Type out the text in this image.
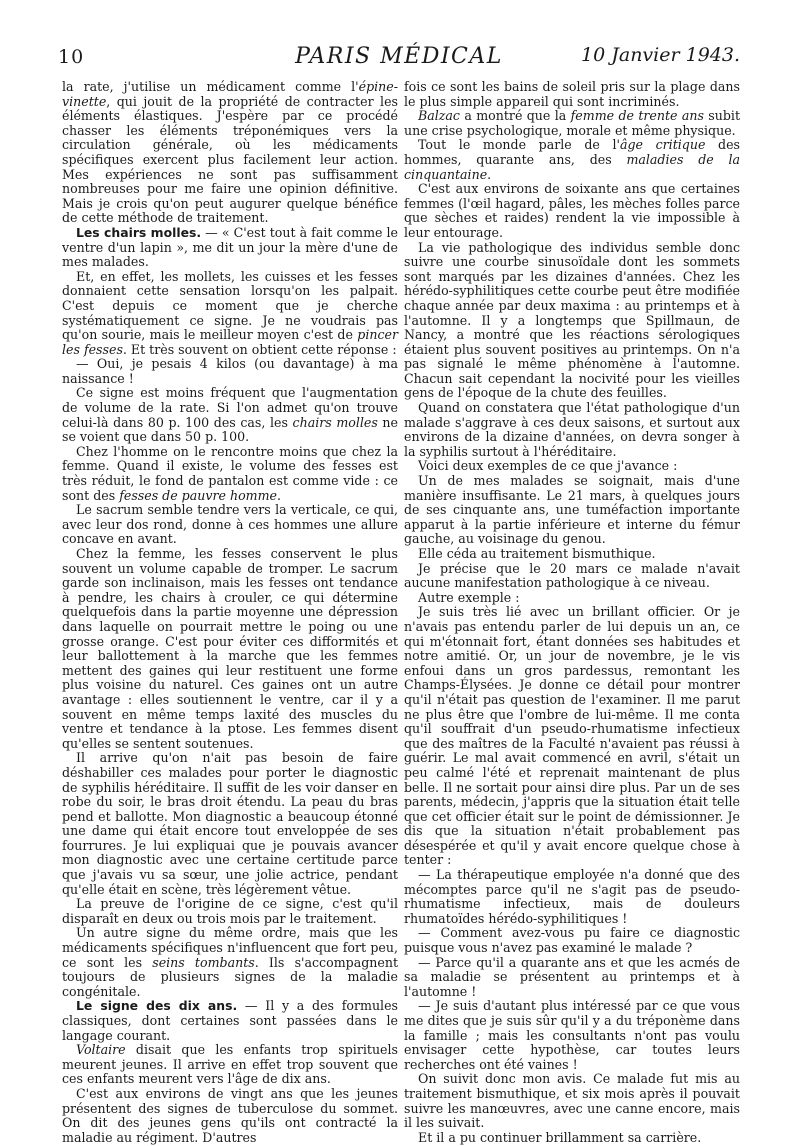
10	PARIS MÉDICAL	10 Janvier 1943.

la rate, j'utilise un médicament comme l'épine-vinette, qui jouit de la propriété de contracter les éléments élastiques. J'espère par ce procédé chasser les éléments tréponémiques vers la circulation générale, où les médicaments spécifiques exercent plus facilement leur action. Mes expériences ne sont pas suffisamment nombreuses pour me faire une opinion définitive. Mais je crois qu'on peut augurer quelque bénéfice de cette méthode de traitement.

Les chairs molles. — « C'est tout à fait comme le ventre d'un lapin », me dit un jour la mère d'une de mes malades.

Et, en effet, les mollets, les cuisses et les fesses donnaient cette sensation lorsqu'on les palpait. C'est depuis ce moment que je cherche systématiquement ce signe. Je ne voudrais pas qu'on sourie, mais le meilleur moyen c'est de pincer les fesses. Et très souvent on obtient cette réponse :

— Oui, je pesais 4 kilos (ou davantage) à ma naissance !

Ce signe est moins fréquent que l'augmentation de volume de la rate. Si l'on admet qu'on trouve celui-là dans 80 p. 100 des cas, les chairs molles ne se voient que dans 50 p. 100.

Chez l'homme on le rencontre moins que chez la femme. Quand il existe, le volume des fesses est très réduit, le fond de pantalon est comme vide : ce sont des fesses de pauvre homme.

Le sacrum semble tendre vers la verticale, ce qui, avec leur dos rond, donne à ces hommes une allure concave en avant.

Chez la femme, les fesses conservent le plus souvent un volume capable de tromper. Le sacrum garde son inclinaison, mais les fesses ont tendance à pendre, les chairs à crouler, ce qui détermine quelquefois dans la partie moyenne une dépression dans laquelle on pourrait mettre le poing ou une grosse orange. C'est pour éviter ces difformités et leur ballottement à la marche que les femmes mettent des gaines qui leur restituent une forme plus voisine du naturel. Ces gaines ont un autre avantage : elles soutiennent le ventre, car il y a souvent en même temps laxité des muscles du ventre et tendance à la ptose. Les femmes disent qu'elles se sentent soutenues.

Il arrive qu'on n'ait pas besoin de faire déshabiller ces malades pour porter le diagnostic de syphilis héréditaire. Il suffit de les voir danser en robe du soir, le bras droit étendu. La peau du bras pend et ballotte. Mon diagnostic a beaucoup étonné une dame qui était encore tout enveloppée de ses fourrures. Je lui expliquai que je pouvais avancer mon diagnostic avec une certaine certitude parce que j'avais vu sa sœur, une jolie actrice, pendant qu'elle était en scène, très légèrement vêtue.

La preuve de l'origine de ce signe, c'est qu'il disparaît en deux ou trois mois par le traitement.

Un autre signe du même ordre, mais que les médicaments spécifiques n'influencent que fort peu, ce sont les seins tombants. Ils s'accompagnent toujours de plusieurs signes de la maladie congénitale.

Le signe des dix ans. — Il y a des formules classiques, dont certaines sont passées dans le langage courant.

Voltaire disait que les enfants trop spirituels meurent jeunes. Il arrive en effet trop souvent que ces enfants meurent vers l'âge de dix ans.

C'est aux environs de vingt ans que les jeunes présentent des signes de tuberculose du sommet. On dit des jeunes gens qu'ils ont contracté la maladie au régiment. D'autres

fois ce sont les bains de soleil pris sur la plage dans le plus simple appareil qui sont incriminés.

Balzac a montré que la femme de trente ans subit une crise psychologique, morale et même physique.

Tout le monde parle de l'âge critique des hommes, quarante ans, des maladies de la cinquantaine.

C'est aux environs de soixante ans que certaines femmes (l'œil hagard, pâles, les mèches folles parce que sèches et raides) rendent la vie impossible à leur entourage.

La vie pathologique des individus semble donc suivre une courbe sinusoïdale dont les sommets sont marqués par les dizaines d'années. Chez les hérédo-syphilitiques cette courbe peut être modifiée chaque année par deux maxima : au printemps et à l'automne. Il y a longtemps que Spillmaun, de Nancy, a montré que les réactions sérologiques étaient plus souvent positives au printemps. On n'a pas signalé le même phénomène à l'automne. Chacun sait cependant la nocivité pour les vieilles gens de l'époque de la chute des feuilles.

Quand on constatera que l'état pathologique d'un malade s'aggrave à ces deux saisons, et surtout aux environs de la dizaine d'années, on devra songer à la syphilis surtout à l'héréditaire.

Voici deux exemples de ce que j'avance :

Un de mes malades se soignait, mais d'une manière insuffisante. Le 21 mars, à quelques jours de ses cinquante ans, une tuméfaction importante apparut à la partie inférieure et interne du fémur gauche, au voisinage du genou.

Elle céda au traitement bismuthique.

Je précise que le 20 mars ce malade n'avait aucune manifestation pathologique à ce niveau.

Autre exemple :

Je suis très lié avec un brillant officier. Or je n'avais pas entendu parler de lui depuis un an, ce qui m'étonnait fort, étant données ses habitudes et notre amitié. Or, un jour de novembre, je le vis enfoui dans un gros pardessus, remontant les Champs-Élysées. Je donne ce détail pour montrer qu'il n'était pas question de l'examiner. Il me parut ne plus être que l'ombre de lui-même. Il me conta qu'il souffrait d'un pseudo-rhumatisme infectieux que des maîtres de la Faculté n'avaient pas réussi à guérir. Le mal avait commencé en avril, s'était un peu calmé l'été et reprenait maintenant de plus belle. Il ne sortait pour ainsi dire plus. Par un de ses parents, médecin, j'appris que la situation était telle que cet officier était sur le point de démissionner. Je dis que la situation n'était probablement pas désespérée et qu'il y avait encore quelque chose à tenter :

— La thérapeutique employée n'a donné que des mécomptes parce qu'il ne s'agit pas de pseudo-rhumatisme infectieux, mais de douleurs rhumatoïdes hérédo-syphilitiques !

— Comment avez-vous pu faire ce diagnostic puisque vous n'avez pas examiné le malade ?

— Parce qu'il a quarante ans et que les acmés de sa maladie se présentent au printemps et à l'automne !

— Je suis d'autant plus intéressé par ce que vous me dites que je suis sûr qu'il y a du tréponème dans la famille ; mais les consultants n'ont pas voulu envisager cette hypothèse, car toutes leurs recherches ont été vaines !

On suivit donc mon avis. Ce malade fut mis au traitement bismuthique, et six mois après il pouvait suivre les manœuvres, avec une canne encore, mais il les suivait.

Et il a pu continuer brillamment sa carrière.
